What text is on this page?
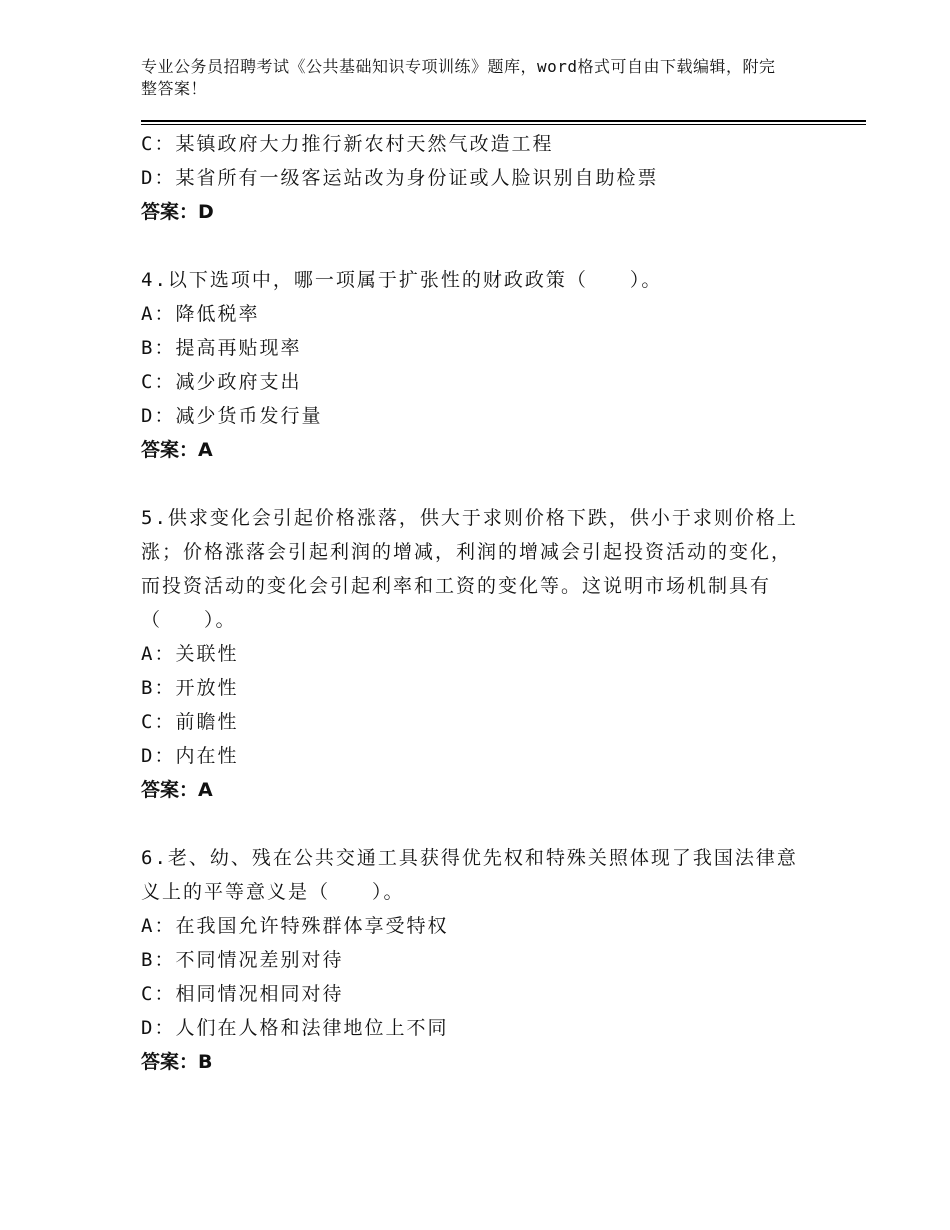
专业公务员招聘考试《公共基础知识专项训练》题库，word格式可自由下载编辑，附完整答案！
C：某镇政府大力推行新农村天然气改造工程
D：某省所有一级客运站改为身份证或人脸识别自助检票
答案：D
4.以下选项中，哪一项属于扩张性的财政政策（　　）。
A：降低税率
B：提高再贴现率
C：减少政府支出
D：减少货币发行量
答案：A
5.供求变化会引起价格涨落，供大于求则价格下跌，供小于求则价格上涨；价格涨落会引起利润的增减，利润的增减会引起投资活动的变化，而投资活动的变化会引起利率和工资的变化等。这说明市场机制具有（　　）。
A：关联性
B：开放性
C：前瞻性
D：内在性
答案：A
6.老、幼、残在公共交通工具获得优先权和特殊关照体现了我国法律意义上的平等意义是（　　）。
A：在我国允许特殊群体享受特权
B：不同情况差别对待
C：相同情况相同对待
D：人们在人格和法律地位上不同
答案：B
